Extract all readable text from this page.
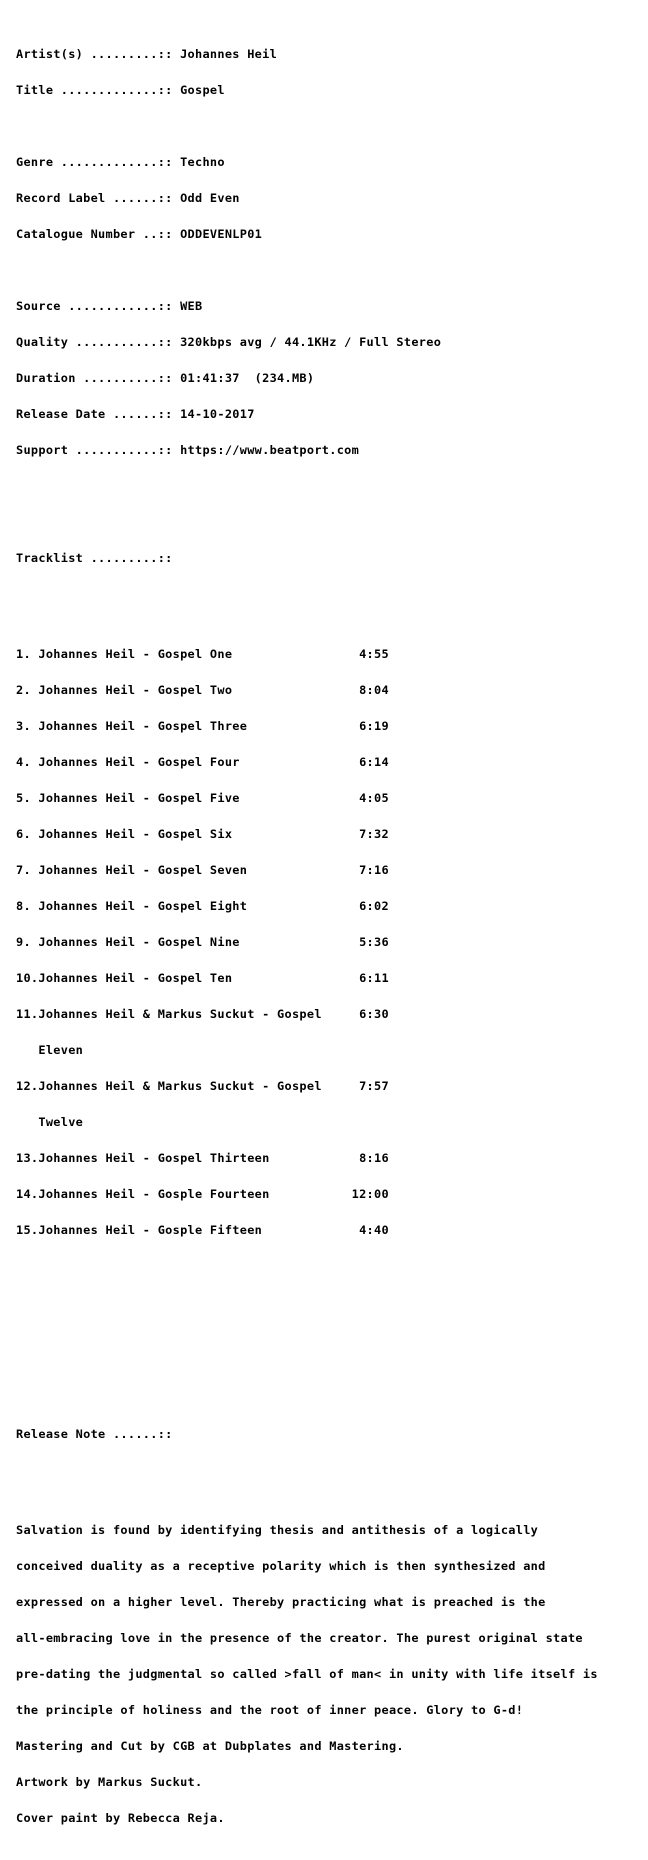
Artist(s) .........:: Johannes Heil

Title .............:: Gospel

Genre .............:: Techno

Record Label ......:: Odd Even

Catalogue Number ..:: ODDEVENLP01

Source ............:: WEB

Quality ...........:: 320kbps avg / 44.1KHz / Full Stereo

Duration ..........:: 01:41:37  (234.MB)

Release Date ......:: 14-10-2017

Support ...........:: https://www.beatport.com

Tracklist .........::

1. Johannes Heil - Gospel One                 4:55

2. Johannes Heil - Gospel Two                 8:04

3. Johannes Heil - Gospel Three               6:19

4. Johannes Heil - Gospel Four                6:14

5. Johannes Heil - Gospel Five                4:05

6. Johannes Heil - Gospel Six                 7:32

7. Johannes Heil - Gospel Seven               7:16

8. Johannes Heil - Gospel Eight               6:02

9. Johannes Heil - Gospel Nine                5:36

10.Johannes Heil - Gospel Ten                 6:11

11.Johannes Heil & Markus Suckut - Gospel     6:30

Eleven

12.Johannes Heil & Markus Suckut - Gospel     7:57

Twelve

13.Johannes Heil - Gospel Thirteen            8:16

14.Johannes Heil - Gosple Fourteen           12:00

15.Johannes Heil - Gosple Fifteen             4:40

Release Note ......::

Salvation is found by identifying thesis and antithesis of a logically

conceived duality as a receptive polarity which is then synthesized and

expressed on a higher level. Thereby practicing what is preached is the

all-embracing love in the presence of the creator. The purest original state

pre-dating the judgmental so called >fall of man< in unity with life itself is

the principle of holiness and the root of inner peace. Glory to G-d!

Mastering and Cut by CGB at Dubplates and Mastering.

Artwork by Markus Suckut.

Cover paint by Rebecca Reja.
